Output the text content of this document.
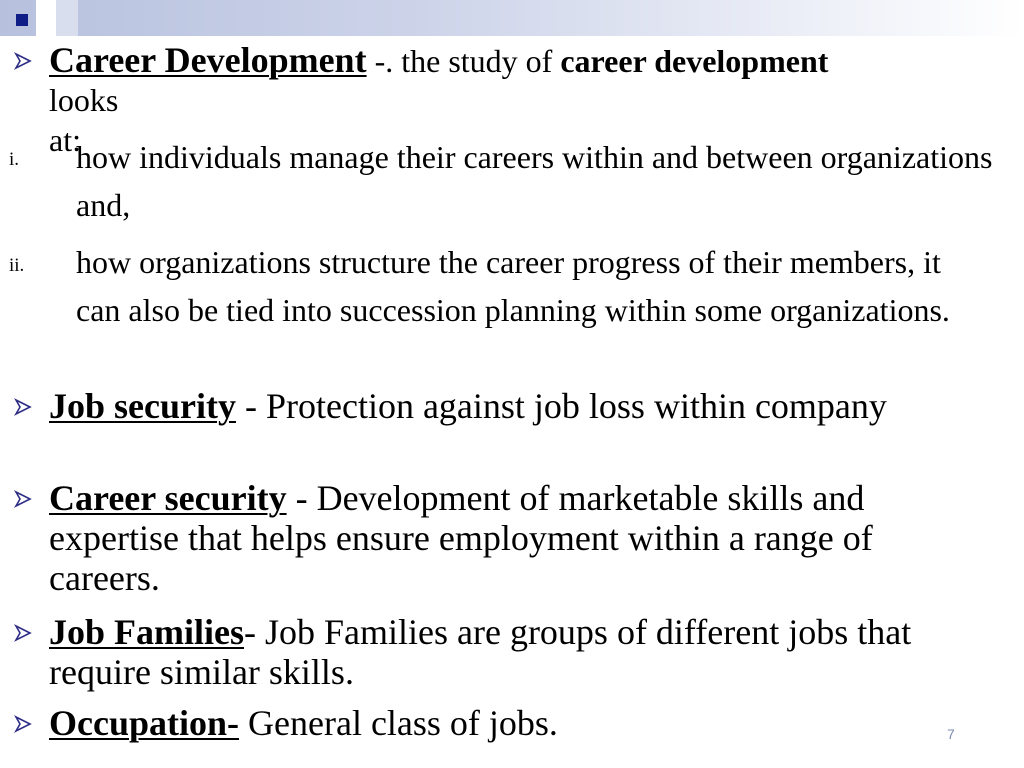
Career Development -. the study of career development
looks at:
i. how individuals manage their careers within and between organizations and,
ii. how organizations structure the career progress of their members, it can also be tied into succession planning within some organizations.
Job security - Protection against job loss within company
Career security - Development of marketable skills and expertise that helps ensure employment within a range of careers.
Job Families- Job Families are groups of different jobs that require similar skills.
Occupation- General class of jobs.	7
